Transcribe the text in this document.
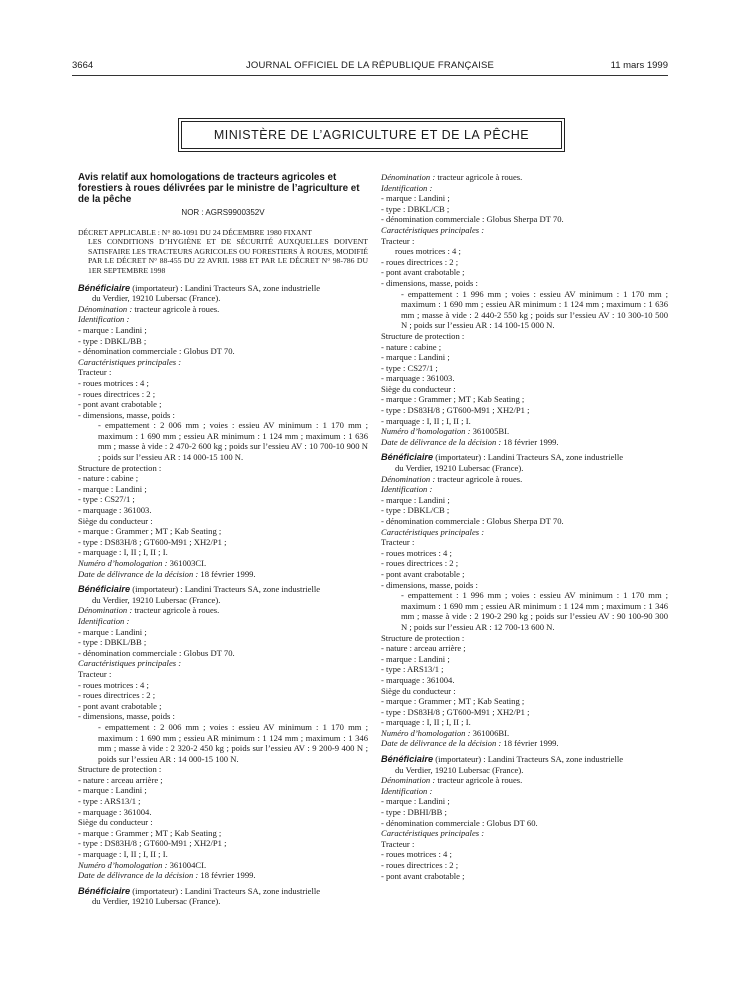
3664	JOURNAL OFFICIEL DE LA RÉPUBLIQUE FRANÇAISE	11 mars 1999
MINISTÈRE DE L’AGRICULTURE ET DE LA PÊCHE

Avis relatif aux homologations de tracteurs agricoles et forestiers à roues délivrées par le ministre de l’agriculture et de la pêche

NOR : AGRS9900352V

DÉCRET APPLICABLE : N° 80-1091 DU 24 DÉCEMBRE 1980 FIXANT
LES CONDITIONS D’HYGIÈNE ET DE SÉCURITÉ AUXQUELLES DOIVENT SATISFAIRE LES TRACTEURS AGRICOLES OU FORESTIERS À ROUES, MODIFIÉ PAR LE DÉCRET N° 88-455 DU 22 AVRIL 1988 ET PAR LE DÉCRET N° 98-786 DU 1ER SEPTEMBRE 1998

Bénéficiaire (importateur) : Landini Tracteurs SA, zone industrielle

du Verdier, 19210 Lubersac (France).

Dénomination : tracteur agricole à roues.

Identification :

- marque : Landini ;

- type : DBKL/BB ;

- dénomination commerciale : Globus DT 70.

Caractéristiques principales :

Tracteur :

- roues motrices : 4 ;

- roues directrices : 2 ;

- pont avant crabotable ;

- dimensions, masse, poids :

- empattement : 2 006 mm ; voies : essieu AV minimum : 1 170 mm ; maximum : 1 690 mm ; essieu AR minimum : 1 124 mm ; maximum : 1 636 mm ; masse à vide : 2 470-2 600 kg ; poids sur l’essieu AV : 10 700-10 900 N ; poids sur l’essieu AR : 14 000-15 100 N.

Structure de protection :

- nature : cabine ;

- marque : Landini ;

- type : CS27/1 ;

- marquage : 361003.

Siège du conducteur :

- marque : Grammer ; MT ; Kab Seating ;

- type : DS83H/8 ; GT600-M91 ; XH2/P1 ;

- marquage : I, II ; I, II ; I.

Numéro d’homologation : 361003CI.

Date de délivrance de la décision : 18 février 1999.

Bénéficiaire (importateur) : Landini Tracteurs SA, zone industrielle

du Verdier, 19210 Lubersac (France).

Dénomination : tracteur agricole à roues.

Identification :

- marque : Landini ;

- type : DBKL/BB ;

- dénomination commerciale : Globus DT 70.

Caractéristiques principales :

Tracteur :

- roues motrices : 4 ;

- roues directrices : 2 ;

- pont avant crabotable ;

- dimensions, masse, poids :

- empattement : 2 006 mm ; voies : essieu AV minimum : 1 170 mm ; maximum : 1 690 mm ; essieu AR minimum : 1 124 mm ; maximum : 1 346 mm ; masse à vide : 2 320-2 450 kg ; poids sur l’essieu AV : 9 200-9 400 N ; poids sur l’essieu AR : 14 000-15 100 N.

Structure de protection :

- nature : arceau arrière ;

- marque : Landini ;

- type : ARS13/1 ;

- marquage : 361004.

Siège du conducteur :

- marque : Grammer ; MT ; Kab Seating ;

- type : DS83H/8 ; GT600-M91 ; XH2/P1 ;

- marquage : I, II ; I, II ; I.

Numéro d’homologation : 361004CI.

Date de délivrance de la décision : 18 février 1999.

Bénéficiaire (importateur) : Landini Tracteurs SA, zone industrielle

du Verdier, 19210 Lubersac (France).

Dénomination : tracteur agricole à roues.

Identification :

- marque : Landini ;

- type : DBKL/CB ;

- dénomination commerciale : Globus Sherpa DT 70.

Caractéristiques principales :

Tracteur :

roues motrices : 4 ;

- roues directrices : 2 ;

- pont avant crabotable ;

- dimensions, masse, poids :

- empattement : 1 996 mm ; voies : essieu AV minimum : 1 170 mm ; maximum : 1 690 mm ; essieu AR minimum : 1 124 mm ; maximum : 1 636 mm ; masse à vide : 2 440-2 550 kg ; poids sur l’essieu AV : 10 300-10 500 N ; poids sur l’essieu AR : 14 100-15 000 N.

Structure de protection :

- nature : cabine ;

- marque : Landini ;

- type : CS27/1 ;

- marquage : 361003.

Siège du conducteur :

- marque : Grammer ; MT ; Kab Seating ;

- type : DS83H/8 ; GT600-M91 ; XH2/P1 ;

- marquage : I, II ; I, II ; I.

Numéro d’homologation : 361005BI.

Date de délivrance de la décision : 18 février 1999.

Bénéficiaire (importateur) : Landini Tracteurs SA, zone industrielle

du Verdier, 19210 Lubersac (France).

Dénomination : tracteur agricole à roues.

Identification :

- marque : Landini ;

- type : DBKL/CB ;

- dénomination commerciale : Globus Sherpa DT 70.

Caractéristiques principales :

Tracteur :

- roues motrices : 4 ;

- roues directrices : 2 ;

- pont avant crabotable ;

- dimensions, masse, poids :

- empattement : 1 996 mm ; voies : essieu AV minimum : 1 170 mm ; maximum : 1 690 mm ; essieu AR minimum : 1 124 mm ; maximum : 1 346 mm ; masse à vide : 2 190-2 290 kg ; poids sur l’essieu AV : 90 100-90 300 N ; poids sur l’essieu AR : 12 700-13 600 N.

Structure de protection :

- nature : arceau arrière ;

- marque : Landini ;

- type : ARS13/1 ;

- marquage : 361004.

Siège du conducteur :

- marque : Grammer ; MT ; Kab Seating ;

- type : DS83H/8 ; GT600-M91 ; XH2/P1 ;

- marquage : I, II ; I, II ; I.

Numéro d’homologation : 361006BI.

Date de délivrance de la décision : 18 février 1999.

Bénéficiaire (importateur) : Landini Tracteurs SA, zone industrielle

du Verdier, 19210 Lubersac (France).

Dénomination : tracteur agricole à roues.

Identification :

- marque : Landini ;

- type : DBHI/BB ;

- dénomination commerciale : Globus DT 60.

Caractéristiques principales :

Tracteur :

- roues motrices : 4 ;

- roues directrices : 2 ;

- pont avant crabotable ;
